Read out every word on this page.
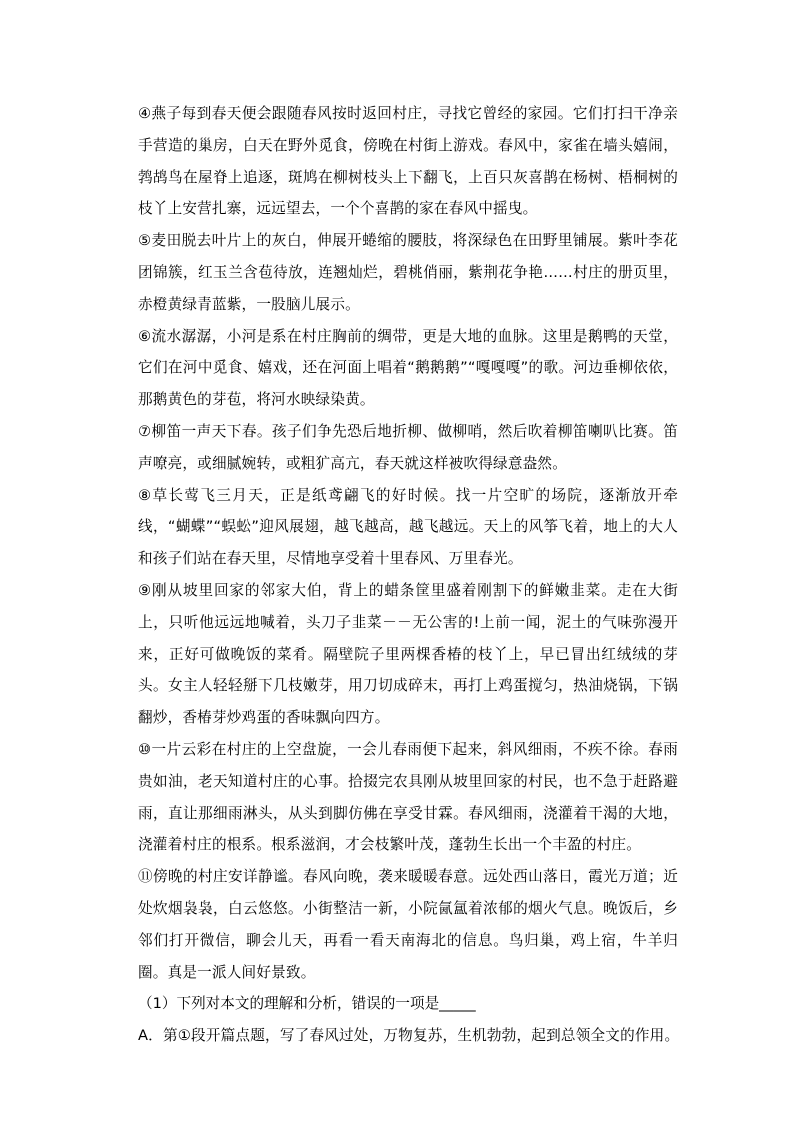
④燕子每到春天便会跟随春风按时返回村庄，寻找它曾经的家园。它们打扫干净亲手营造的巢房，白天在野外觅食，傍晚在村街上游戏。春风中，家雀在墙头嬉闹，鹁鸪鸟在屋脊上追逐，斑鸠在柳树枝头上下翻飞，上百只灰喜鹊在杨树、梧桐树的枝丫上安营扎寨，远远望去，一个个喜鹊的家在春风中摇曳。

⑤麦田脱去叶片上的灰白，伸展开蜷缩的腰肢，将深绿色在田野里铺展。紫叶李花团锦簇，红玉兰含苞待放，连翘灿烂，碧桃俏丽，紫荆花争艳……村庄的册页里，赤橙黄绿青蓝紫，一股脑儿展示。

⑥流水潺潺，小河是系在村庄胸前的绸带，更是大地的血脉。这里是鹅鸭的天堂，它们在河中觅食、嬉戏，还在河面上唱着“鹅鹅鹅”“嘎嘎嘎”的歌。河边垂柳依依，那鹅黄色的芽苞，将河水映绿染黄。

⑦柳笛一声天下春。孩子们争先恐后地折柳、做柳哨，然后吹着柳笛喇叭比赛。笛声嘹亮，或细腻婉转，或粗犷高亢，春天就这样被吹得绿意盎然。

⑧草长莺飞三月天，正是纸鸢翩飞的好时候。找一片空旷的场院，逐渐放开牵线，“蝴蝶”“蜈蚣”迎风展翅，越飞越高，越飞越远。天上的风筝飞着，地上的大人和孩子们站在春天里，尽情地享受着十里春风、万里春光。

⑨刚从坡里回家的邻家大伯，背上的蜡条筐里盛着刚割下的鲜嫩韭菜。走在大街上，只听他远远地喊着，头刀子韭菜－－无公害的!上前一闻，泥土的气味弥漫开来，正好可做晚饭的菜肴。隔壁院子里两棵香椿的枝丫上，早已冒出红绒绒的芽头。女主人轻轻掰下几枝嫩芽，用刀切成碎末，再打上鸡蛋搅匀，热油烧锅，下锅翻炒，香椿芽炒鸡蛋的香味飘向四方。

⑩一片云彩在村庄的上空盘旋，一会儿春雨便下起来，斜风细雨，不疾不徐。春雨贵如油，老天知道村庄的心事。拾掇完农具刚从坡里回家的村民，也不急于赶路避雨，直让那细雨淋头，从头到脚仿佛在享受甘霖。春风细雨，浇灌着干渴的大地，浇灌着村庄的根系。根系滋润，才会枝繁叶茂，蓬勃生长出一个丰盈的村庄。

⑪傍晚的村庄安详静谧。春风向晚，袭来暖暖春意。远处西山落日，霞光万道；近处炊烟袅袅，白云悠悠。小街整洁一新，小院氤氲着浓郁的烟火气息。晚饭后，乡邻们打开微信，聊会儿天，再看一看天南海北的信息。鸟归巢，鸡上宿，牛羊归圈。真是一派人间好景致。

（1）下列对本文的理解和分析，错误的一项是_____

A．第①段开篇点题，写了春风过处，万物复苏，生机勃勃，起到总领全文的作用。
